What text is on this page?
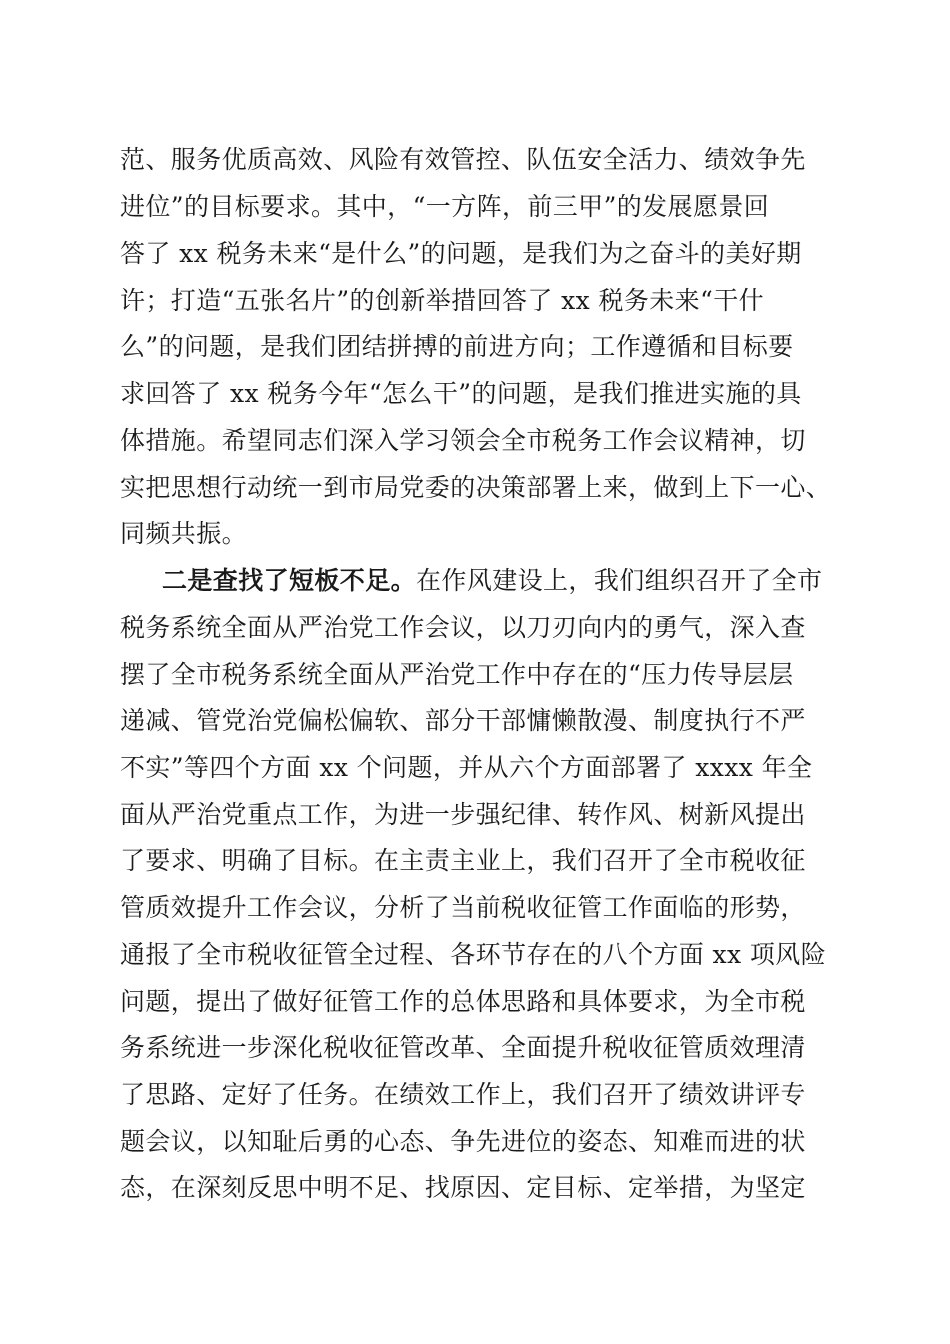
范、服务优质高效、风险有效管控、队伍安全活力、绩效争先
进位”的目标要求。其中，“一方阵，前三甲”的发展愿景回
答了 xx 税务未来“是什么”的问题，是我们为之奋斗的美好期
许；打造“五张名片”的创新举措回答了 xx 税务未来“干什
么”的问题，是我们团结拼搏的前进方向；工作遵循和目标要
求回答了 xx 税务今年“怎么干”的问题，是我们推进实施的具
体措施。希望同志们深入学习领会全市税务工作会议精神，切
实把思想行动统一到市局党委的决策部署上来，做到上下一心、
同频共振。
二是查找了短板不足。在作风建设上，我们组织召开了全市
税务系统全面从严治党工作会议，以刀刃向内的勇气，深入查
摆了全市税务系统全面从严治党工作中存在的“压力传导层层
递减、管党治党偏松偏软、部分干部慵懒散漫、制度执行不严
不实”等四个方面 xx 个问题，并从六个方面部署了 xxxx 年全
面从严治党重点工作，为进一步强纪律、转作风、树新风提出
了要求、明确了目标。在主责主业上，我们召开了全市税收征
管质效提升工作会议，分析了当前税收征管工作面临的形势，
通报了全市税收征管全过程、各环节存在的八个方面 xx 项风险
问题，提出了做好征管工作的总体思路和具体要求，为全市税
务系统进一步深化税收征管改革、全面提升税收征管质效理清
了思路、定好了任务。在绩效工作上，我们召开了绩效讲评专
题会议，以知耻后勇的心态、争先进位的姿态、知难而进的状
态，在深刻反思中明不足、找原因、定目标、定举措，为坚定
